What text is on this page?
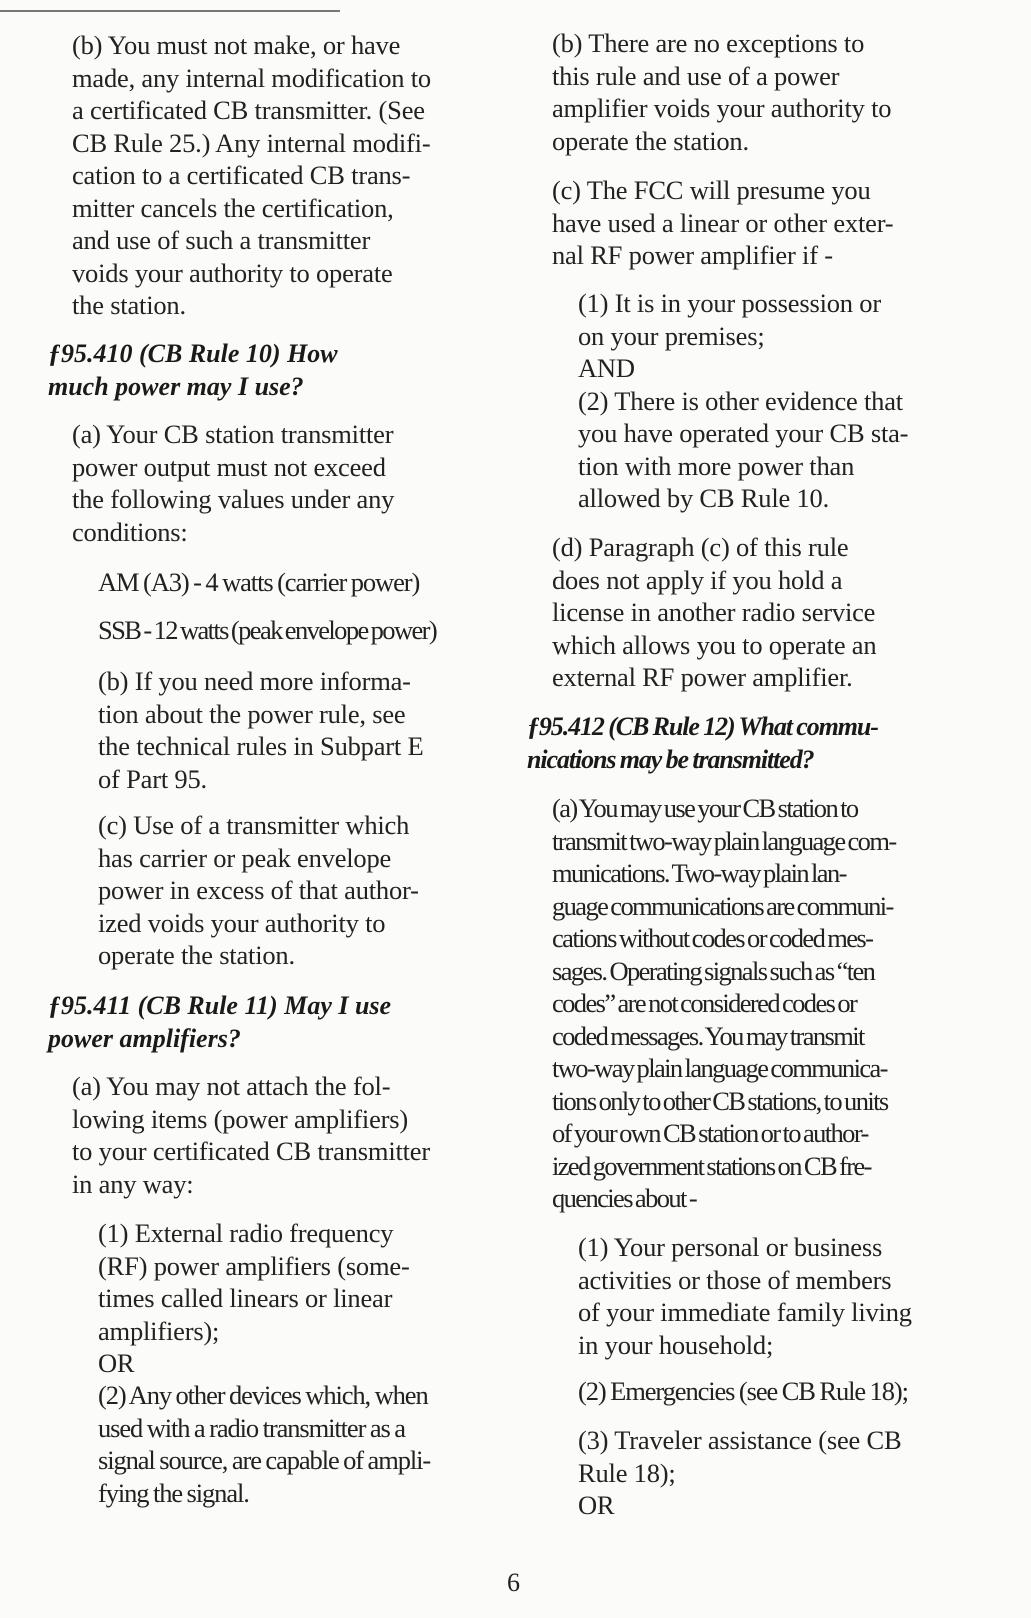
(b) You must not make, or have
made, any internal modification to
a certificated CB transmitter. (See
CB Rule 25.) Any internal modifi-
cation to a certificated CB trans-
mitter cancels the certification,
and use of such a transmitter
voids your authority to operate
the station.

ƒ95.410 (CB Rule 10) How
much power may I use?

(a) Your CB station transmitter
power output must not exceed
the following values under any
conditions:

AM (A3) - 4 watts (carrier power)

SSB - 12 watts (peak envelope power)

(b) If you need more informa-
tion about the power rule, see
the technical rules in Subpart E
of Part 95.

(c) Use of a transmitter which
has carrier or peak envelope
power in excess of that author-
ized voids your authority to
operate the station.

ƒ95.411 (CB Rule 11) May I use
power amplifiers?

(a) You may not attach the fol-
lowing items (power amplifiers)
to your certificated CB transmitter
in any way:

(1) External radio frequency
(RF) power amplifiers (some-
times called linears or linear
amplifiers);
OR

(2) Any other devices which, when
used with a radio transmitter as a
signal source, are capable of ampli-
fying the signal.

(b) There are no exceptions to
this rule and use of a power
amplifier voids your authority to
operate the station.

(c) The FCC will presume you
have used a linear or other exter-
nal RF power amplifier if -

(1) It is in your possession or
on your premises;
AND
(2) There is other evidence that
you have operated your CB sta-
tion with more power than
allowed by CB Rule 10.

(d) Paragraph (c) of this rule
does not apply if you hold a
license in another radio service
which allows you to operate an
external RF power amplifier.

ƒ95.412 (CB Rule 12) What commu-
nications may be transmitted?

(a) You may use your CB station to
transmit two-way plain language com-
munications. Two-way plain lan-
guage communications are communi-
cations without codes or coded mes-
sages. Operating signals such as “ten
codes” are not considered codes or
coded messages. You may transmit
two-way plain language communica-
tions only to other CB stations, to units
of your own CB station or to author-
ized government stations on CB fre-
quencies about -

(1) Your personal or business
activities or those of members
of your immediate family living
in your household;

(2) Emergencies (see CB Rule 18);

(3) Traveler assistance (see CB
Rule 18);
OR

6
